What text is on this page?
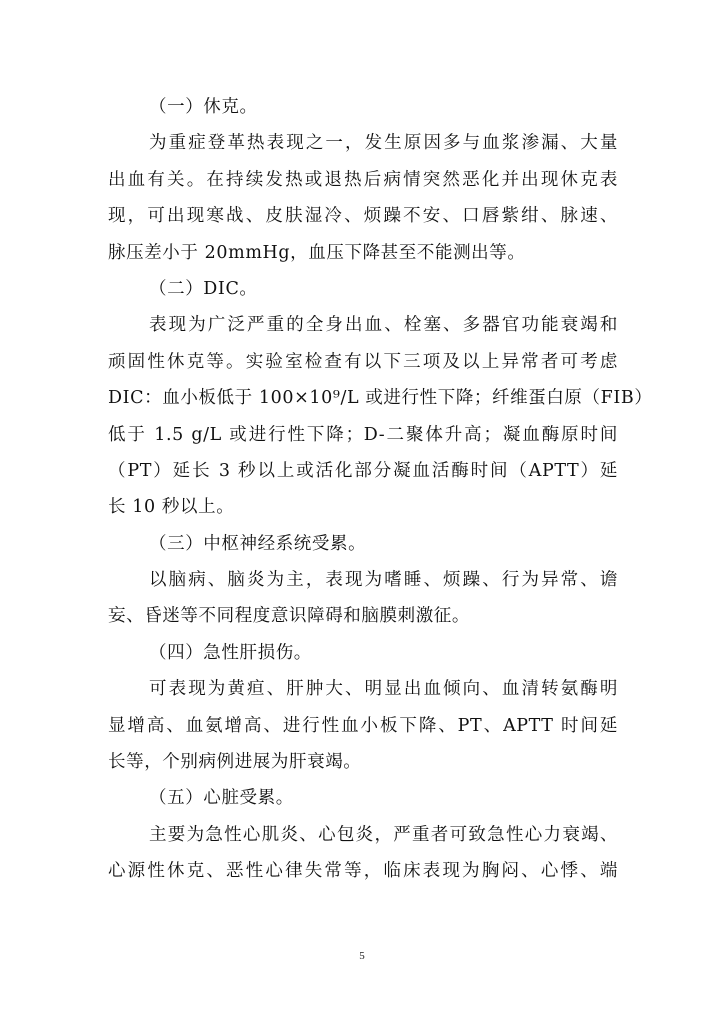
（一）休克。
为重症登革热表现之一，发生原因多与血浆渗漏、大量
出血有关。在持续发热或退热后病情突然恶化并出现休克表
现，可出现寒战、皮肤湿冷、烦躁不安、口唇紫绀、脉速、
脉压差小于 20mmHg，血压下降甚至不能测出等。
（二）DIC。
表现为广泛严重的全身出血、栓塞、多器官功能衰竭和
顽固性休克等。实验室检查有以下三项及以上异常者可考虑
DIC：血小板低于 100×10⁹/L 或进行性下降；纤维蛋白原（FIB）
低于 1.5 g/L 或进行性下降；D-二聚体升高；凝血酶原时间
（PT）延长 3 秒以上或活化部分凝血活酶时间（APTT）延
长 10 秒以上。
（三）中枢神经系统受累。
以脑病、脑炎为主，表现为嗜睡、烦躁、行为异常、谵
妄、昏迷等不同程度意识障碍和脑膜刺激征。
（四）急性肝损伤。
可表现为黄疸、肝肿大、明显出血倾向、血清转氨酶明
显增高、血氨增高、进行性血小板下降、PT、APTT 时间延
长等，个别病例进展为肝衰竭。
（五）心脏受累。
主要为急性心肌炎、心包炎，严重者可致急性心力衰竭、
心源性休克、恶性心律失常等，临床表现为胸闷、心悸、端
5
